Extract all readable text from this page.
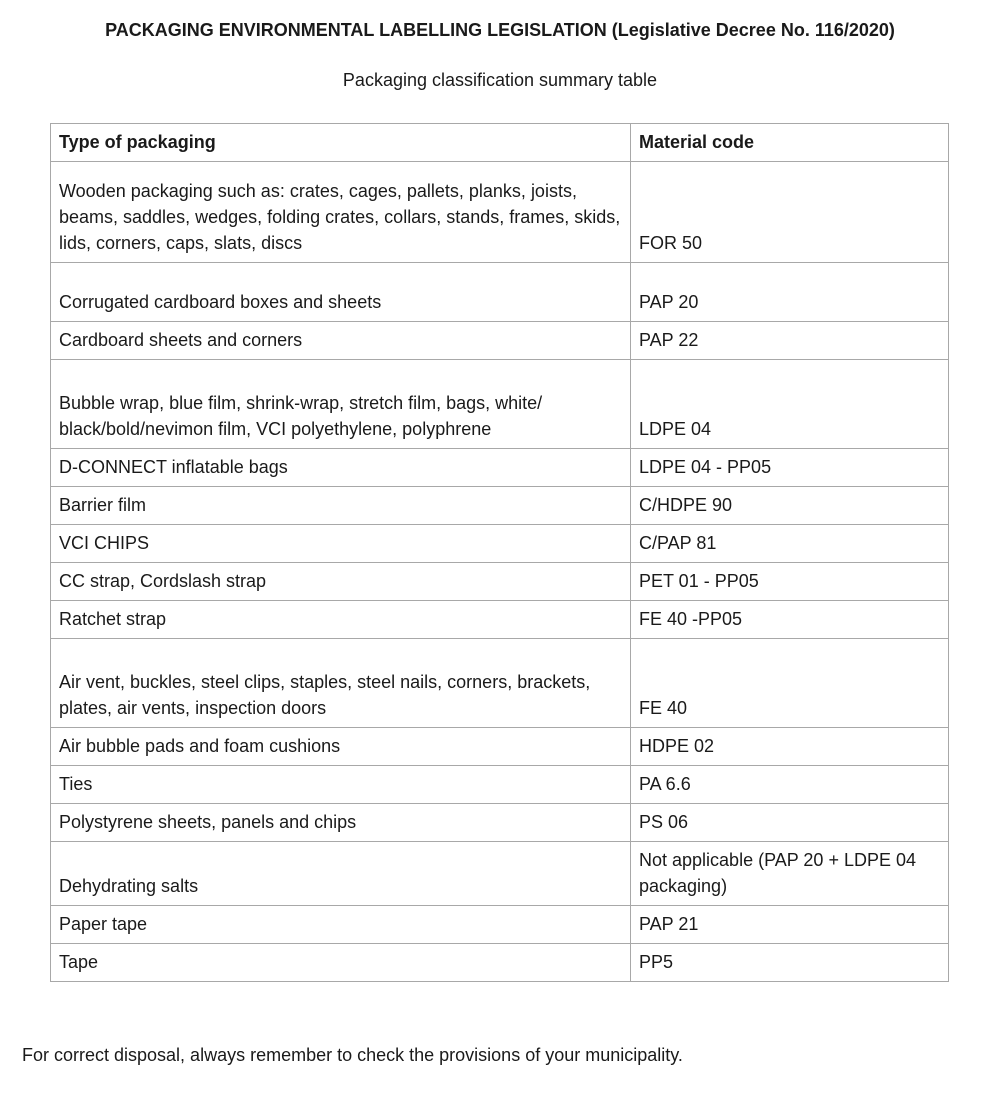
PACKAGING ENVIRONMENTAL LABELLING LEGISLATION (Legislative Decree No. 116/2020)

Packaging classification summary table

Type of packaging	Material code
Wooden packaging such as: crates, cages, pallets, planks, joists, beams, saddles, wedges, folding crates, collars, stands, frames, skids, lids, corners, caps, slats, discs	FOR 50
Corrugated cardboard boxes and sheets	PAP 20
Cardboard sheets and corners	PAP 22
Bubble wrap, blue film, shrink-wrap, stretch film, bags, white/ black/bold/nevimon film, VCI polyethylene, polyphrene	LDPE 04
D-CONNECT inflatable bags	LDPE 04 - PP05
Barrier film	C/HDPE 90
VCI CHIPS	C/PAP 81
CC strap, Cordslash strap	PET 01 - PP05
Ratchet strap	FE 40 -PP05
Air vent, buckles, steel clips, staples, steel nails, corners, brackets, plates, air vents, inspection doors	FE 40
Air bubble pads and foam cushions	HDPE 02
Ties	PA 6.6
Polystyrene sheets, panels and chips	PS 06
Dehydrating salts	Not applicable (PAP 20 + LDPE 04 packaging)
Paper tape	PAP 21
Tape	PP5

For correct disposal, always remember to check the provisions of your municipality.
